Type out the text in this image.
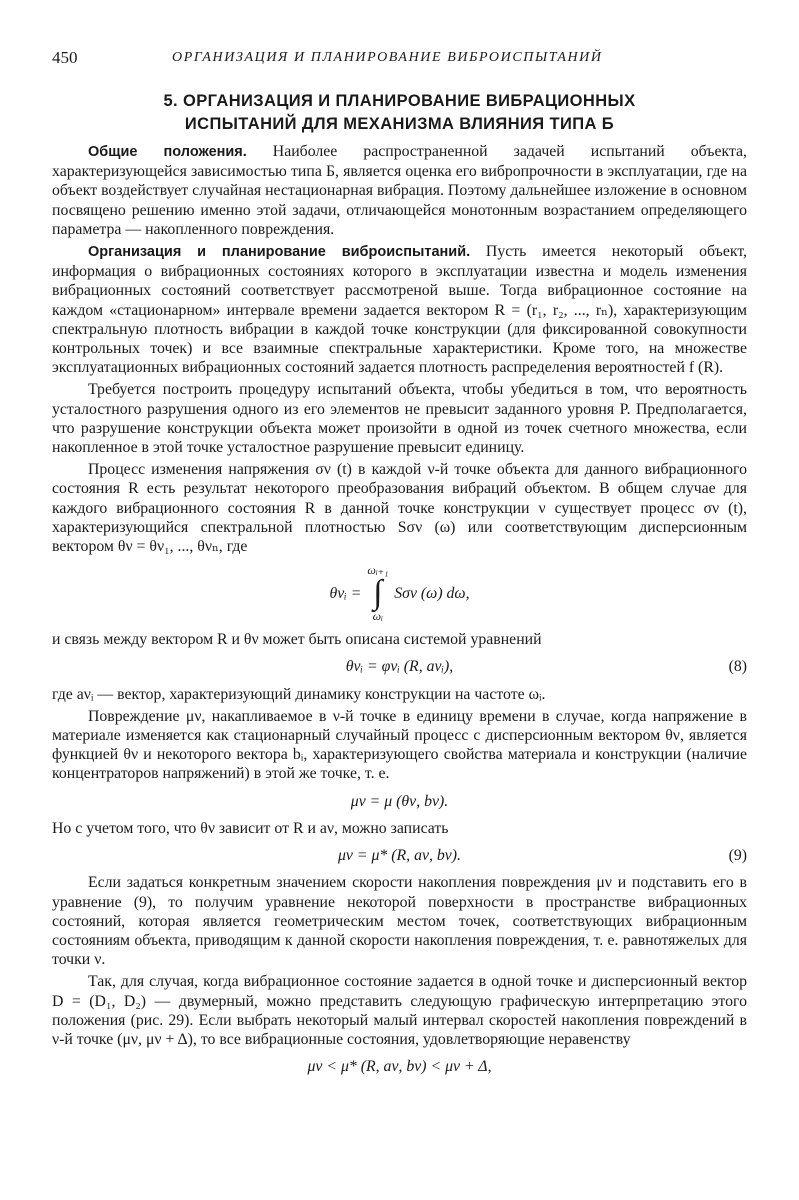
450	ОРГАНИЗАЦИЯ И ПЛАНИРОВАНИЕ ВИБРОИСПЫТАНИЙ
5. ОРГАНИЗАЦИЯ И ПЛАНИРОВАНИЕ ВИБРАЦИОННЫХ
ИСПЫТАНИЙ ДЛЯ МЕХАНИЗМА ВЛИЯНИЯ ТИПА Б

Общие положения. Наиболее распространенной задачей испытаний объекта, характеризующейся зависимостью типа Б, является оценка его вибропрочности в эксплуатации, где на объект воздействует случайная нестационарная вибрация. Поэтому дальнейшее изложение в основном посвящено решению именно этой задачи, отличающейся монотонным возрастанием определяющего параметра — накопленного повреждения.

Организация и планирование виброиспытаний. Пусть имеется некоторый объект, информация о вибрационных состояниях которого в эксплуатации известна и модель изменения вибрационных состояний соответствует рассмотреной выше. Тогда вибрационное состояние на каждом «стационарном» интервале времени задается вектором R = (r₁, r₂, ..., rₙ), характеризующим спектральную плотность вибрации в каждой точке конструкции (для фиксированной совокупности контрольных точек) и все взаимные спектральные характеристики. Кроме того, на множестве эксплуатационных вибрационных состояний задается плотность распределения вероятностей f (R).

Требуется построить процедуру испытаний объекта, чтобы убедиться в том, что вероятность усталостного разрушения одного из его элементов не превысит заданного уровня P. Предполагается, что разрушение конструкции объекта может произойти в одной из точек счетного множества, если накопленное в этой точке усталостное разрушение превысит единицу.

Процесс изменения напряжения σν (t) в каждой ν-й точке объекта для данного вибрационного состояния R есть результат некоторого преобразования вибраций объектом. В общем случае для каждого вибрационного состояния R в данной точке конструкции ν существует процесс σν (t), характеризующийся спектральной плотностью Sσν (ω) или соответствующим дисперсионным вектором θν = θν₁, ..., θνₙ, где

θνᵢ =
ωᵢ₊₁
∫
ωᵢ
Sσν (ω) dω,

и связь между вектором R и θν может быть описана системой уравнений

θνᵢ = φνᵢ (R, aνᵢ),	(8)

где aνᵢ — вектор, характеризующий динамику конструкции на частоте ωᵢ.

Повреждение μν, накапливаемое в ν-й точке в единицу времени в случае, когда напряжение в материале изменяется как стационарный случайный процесс с дисперсионным вектором θν, является функцией θν и некоторого вектора bᵢ, характеризующего свойства материала и конструкции (наличие концентраторов напряжений) в этой же точке, т. е.

μν = μ (θν, bν).

Но с учетом того, что θν зависит от R и aν, можно записать

μν = μ* (R, aν, bν).	(9)

Если задаться конкретным значением скорости накопления повреждения μν и подставить его в уравнение (9), то получим уравнение некоторой поверхности в пространстве вибрационных состояний, которая является геометрическим местом точек, соответствующих вибрационным состояниям объекта, приводящим к данной скорости накопления повреждения, т. е. равнотяжелых для точки ν.

Так, для случая, когда вибрационное состояние задается в одной точке и дисперсионный вектор D = (D₁, D₂) — двумерный, можно представить следующую графическую интерпретацию этого положения (рис. 29). Если выбрать некоторый малый интервал скоростей накопления повреждений в ν-й точке (μν, μν + Δ), то все вибрационные состояния, удовлетворяющие неравенству

μν < μ* (R, aν, bν) < μν + Δ,
